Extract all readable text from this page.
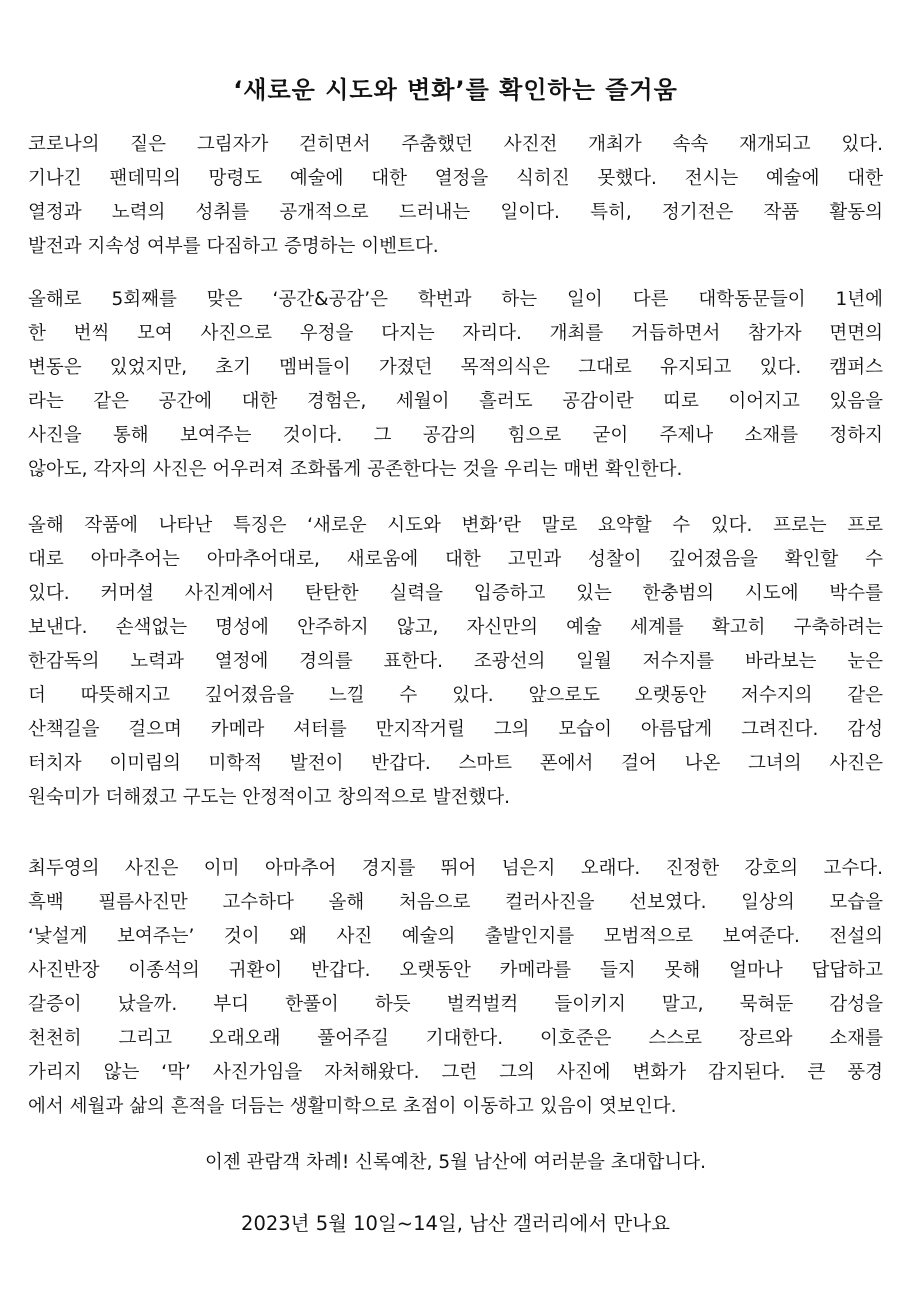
‘새로운 시도와 변화’를 확인하는 즐거움
코로나의 짙은 그림자가 걷히면서 주춤했던 사진전 개최가 속속 재개되고 있다.
기나긴 팬데믹의 망령도 예술에 대한 열정을 식히진 못했다. 전시는 예술에 대한
열정과 노력의 성취를 공개적으로 드러내는 일이다. 특히, 정기전은 작품 활동의
발전과 지속성 여부를 다짐하고 증명하는 이벤트다.
올해로 5회째를 맞은 ‘공간&공감’은 학번과 하는 일이 다른 대학동문들이 1년에
한 번씩 모여 사진으로 우정을 다지는 자리다. 개최를 거듭하면서 참가자 면면의
변동은 있었지만, 초기 멤버들이 가졌던 목적의식은 그대로 유지되고 있다. 캠퍼스
라는 같은 공간에 대한 경험은, 세월이 흘러도 공감이란 띠로 이어지고 있음을
사진을 통해 보여주는 것이다. 그 공감의 힘으로 굳이 주제나 소재를 정하지
않아도, 각자의 사진은 어우러져 조화롭게 공존한다는 것을 우리는 매번 확인한다.
올해 작품에 나타난 특징은 ‘새로운 시도와 변화’란 말로 요약할 수 있다. 프로는 프로
대로 아마추어는 아마추어대로, 새로움에 대한 고민과 성찰이 깊어졌음을 확인할 수
있다. 커머셜 사진계에서 탄탄한 실력을 입증하고 있는 한충범의 시도에 박수를
보낸다. 손색없는 명성에 안주하지 않고, 자신만의 예술 세계를 확고히 구축하려는
한감독의 노력과 열정에 경의를 표한다. 조광선의 일월 저수지를 바라보는 눈은
더 따뜻해지고 깊어졌음을 느낄 수 있다. 앞으로도 오랫동안 저수지의 같은
산책길을 걸으며 카메라 셔터를 만지작거릴 그의 모습이 아름답게 그려진다. 감성
터치자 이미림의 미학적 발전이 반갑다. 스마트 폰에서 걸어 나온 그녀의 사진은
원숙미가 더해졌고 구도는 안정적이고 창의적으로 발전했다.
최두영의 사진은 이미 아마추어 경지를 뛰어 넘은지 오래다. 진정한 강호의 고수다.
흑백 필름사진만 고수하다 올해 처음으로 컬러사진을 선보였다. 일상의 모습을
‘낯설게 보여주는’ 것이 왜 사진 예술의 출발인지를 모범적으로 보여준다. 전설의
사진반장 이종석의 귀환이 반갑다. 오랫동안 카메라를 들지 못해 얼마나 답답하고
갈증이 났을까. 부디 한풀이 하듯 벌컥벌컥 들이키지 말고, 묵혀둔 감성을
천천히 그리고 오래오래 풀어주길 기대한다. 이호준은 스스로 장르와 소재를
가리지 않는 ‘막’ 사진가임을 자처해왔다. 그런 그의 사진에 변화가 감지된다. 큰 풍경
에서 세월과 삶의 흔적을 더듬는 생활미학으로 초점이 이동하고 있음이 엿보인다.
이젠 관람객 차례! 신록예찬, 5월 남산에 여러분을 초대합니다.
2023년 5월 10일~14일, 남산 갤러리에서 만나요
